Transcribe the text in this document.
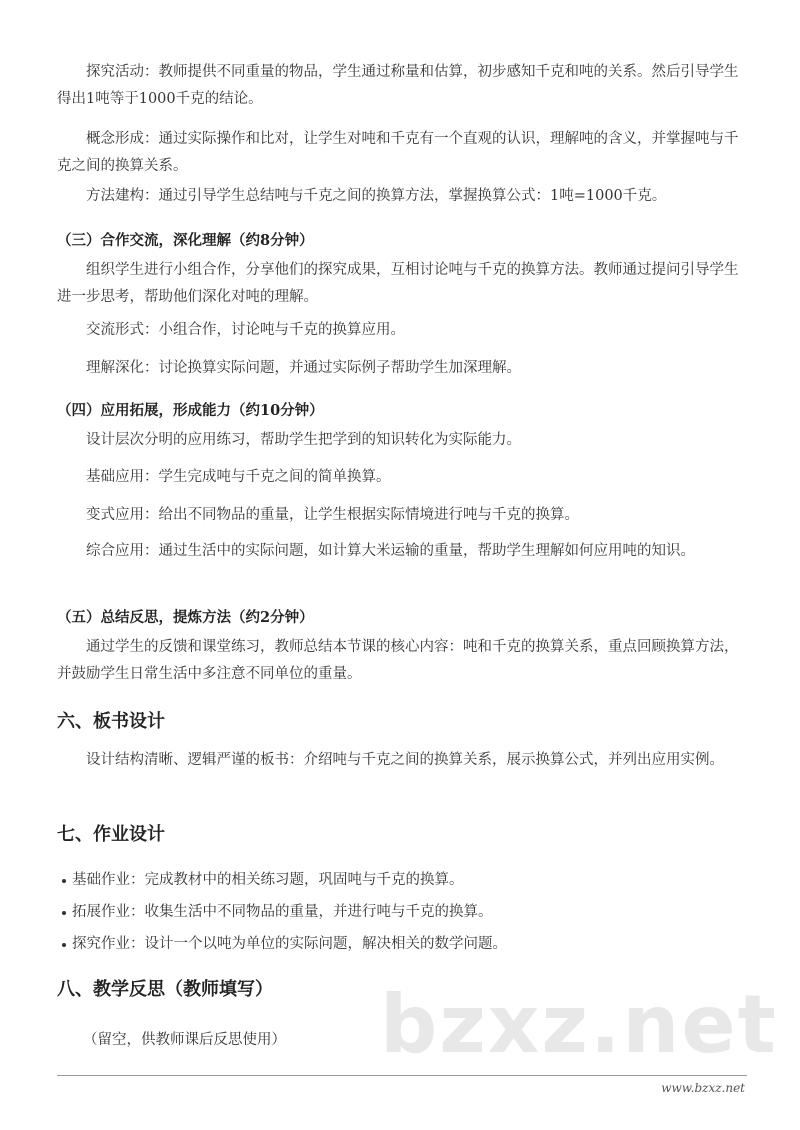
bzxz.net
探究活动：教师提供不同重量的物品，学生通过称量和估算，初步感知千克和吨的关系。然后引导学生得出1吨等于1000千克的结论。
概念形成：通过实际操作和比对，让学生对吨和千克有一个直观的认识，理解吨的含义，并掌握吨与千克之间的换算关系。
方法建构：通过引导学生总结吨与千克之间的换算方法，掌握换算公式：1吨=1000千克。
（三）合作交流，深化理解（约8分钟）
组织学生进行小组合作，分享他们的探究成果，互相讨论吨与千克的换算方法。教师通过提问引导学生进一步思考，帮助他们深化对吨的理解。
交流形式：小组合作，讨论吨与千克的换算应用。
理解深化：讨论换算实际问题，并通过实际例子帮助学生加深理解。
（四）应用拓展，形成能力（约10分钟）
设计层次分明的应用练习，帮助学生把学到的知识转化为实际能力。
基础应用：学生完成吨与千克之间的简单换算。
变式应用：给出不同物品的重量，让学生根据实际情境进行吨与千克的换算。
综合应用：通过生活中的实际问题，如计算大米运输的重量，帮助学生理解如何应用吨的知识。
（五）总结反思，提炼方法（约2分钟）
通过学生的反馈和课堂练习，教师总结本节课的核心内容：吨和千克的换算关系，重点回顾换算方法，并鼓励学生日常生活中多注意不同单位的重量。
六、板书设计
设计结构清晰、逻辑严谨的板书：介绍吨与千克之间的换算关系，展示换算公式，并列出应用实例。
七、作业设计
基础作业：完成教材中的相关练习题，巩固吨与千克的换算。
拓展作业：收集生活中不同物品的重量，并进行吨与千克的换算。
探究作业：设计一个以吨为单位的实际问题，解决相关的数学问题。
八、教学反思（教师填写）
（留空，供教师课后反思使用）
www.bzxz.net
